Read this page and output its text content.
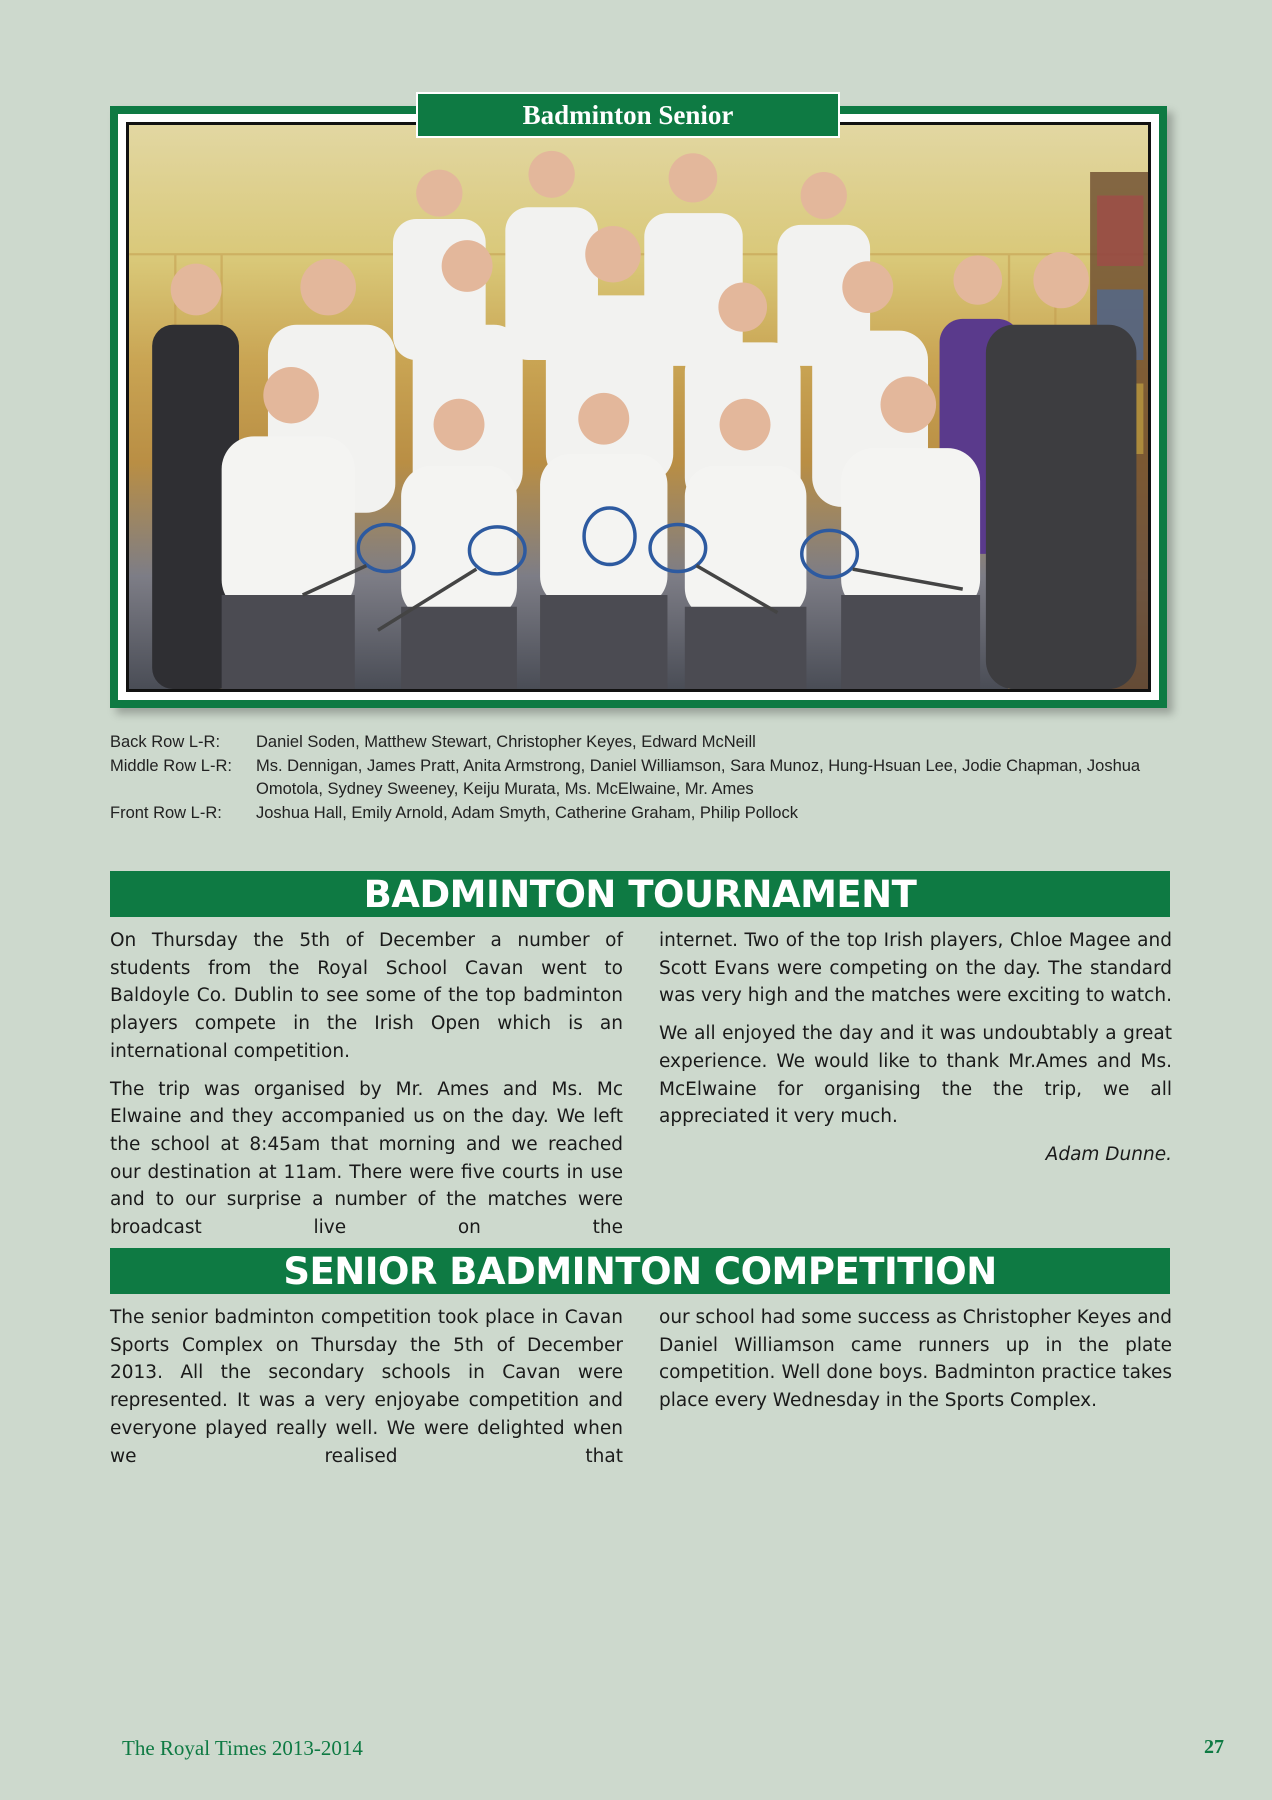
Badminton Senior
Back Row L-R:	Daniel Soden, Matthew Stewart, Christopher Keyes, Edward McNeill
Middle Row L-R:	Ms. Dennigan, James Pratt, Anita Armstrong, Daniel Williamson, Sara Munoz, Hung-Hsuan Lee, Jodie Chapman, Joshua Omotola, Sydney Sweeney, Keiju Murata, Ms. McElwaine, Mr. Ames
Front Row L-R:	Joshua Hall, Emily Arnold, Adam Smyth, Catherine Graham, Philip Pollock
BADMINTON TOURNAMENT

On Thursday the 5th of December a number of students from the Royal School Cavan went to Baldoyle Co. Dublin to see some of the top badminton players compete in the Irish Open which is an international competition.

The trip was organised by Mr. Ames and Ms. Mc Elwaine and they accompanied us on the day. We left the school at 8:45am that morning and we reached our destination at 11am. There were five courts in use and to our surprise a number of the matches were broadcast live on the

internet. Two of the top Irish players, Chloe Magee and Scott Evans were competing on the day. The standard was very high and the matches were exciting to watch.

We all enjoyed the day and it was undoubtably a great experience. We would like to thank Mr.Ames and Ms. McElwaine for organising the the trip, we all appreciated it very much.

Adam Dunne.
SENIOR BADMINTON COMPETITION

The senior badminton competition took place in Cavan Sports Complex on Thursday the 5th of December 2013. All the secondary schools in Cavan were represented. It was a very enjoyabe competition and everyone played really well. We were delighted when we realised that

our school had some success as Christopher Keyes and Daniel Williamson came runners up in the plate competition. Well done boys. Badminton practice takes place every Wednesday in the Sports Complex.

The Royal Times 2013-2014	27
